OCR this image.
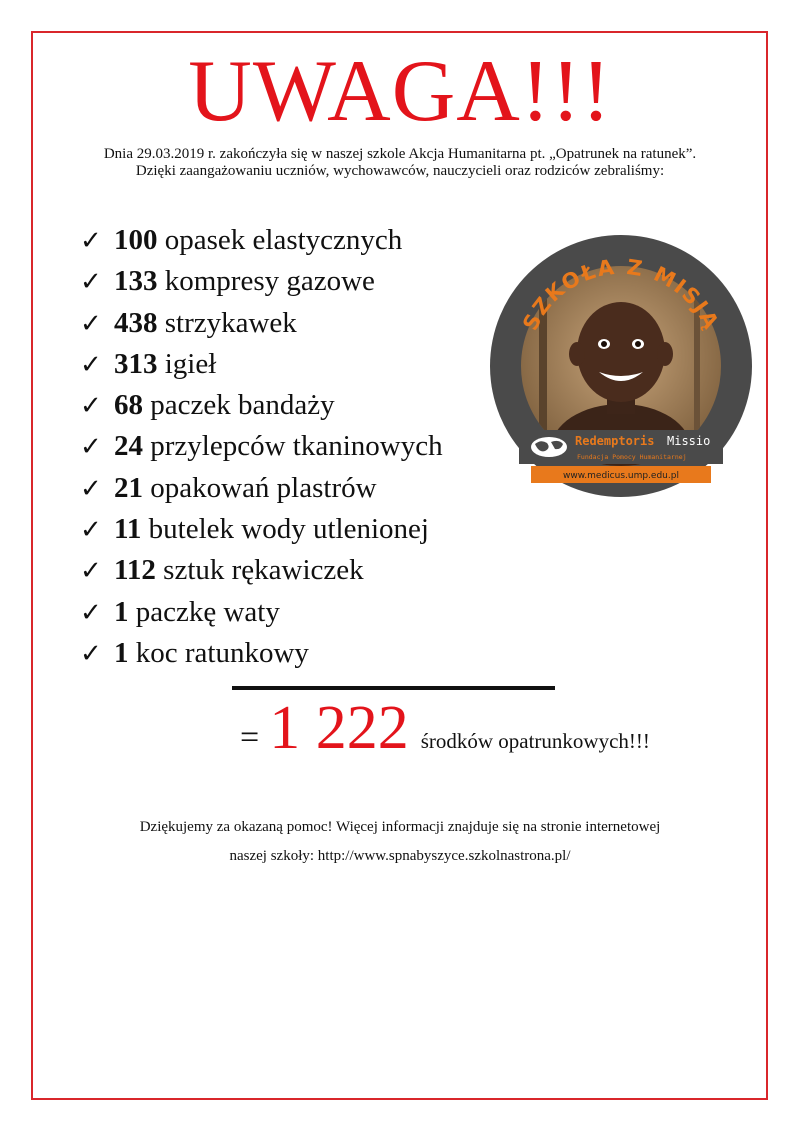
UWAGA!!!
Dnia 29.03.2019 r. zakończyła się w naszej szkole Akcja Humanitarna pt. „Opatrunek na ratunek”. Dzięki zaangażowaniu uczniów, wychowawców, nauczycieli oraz rodziców zebraliśmy:
✓ 100 opasek elastycznych
✓ 133 kompresy gazowe
✓ 438 strzykawek
✓ 313 igieł
✓ 68 paczek bandaży
✓ 24 przylepców tkaninowych
✓ 21 opakowań plastrów
✓ 11 butelek wody utlenionej
✓ 112 sztuk rękawiczek
✓ 1 paczkę waty
✓ 1 koc ratunkowy
SZKOŁA Z MISJĄ
Redemptoris Missio
Fundacja Pomocy Humanitarnej
www.medicus.ump.edu.pl
= 1 222 środków opatrunkowych!!!
Dziękujemy za okazaną pomoc! Więcej informacji znajduje się na stronie internetowej
naszej szkoły: http://www.spnabyszyce.szkolnastrona.pl/
